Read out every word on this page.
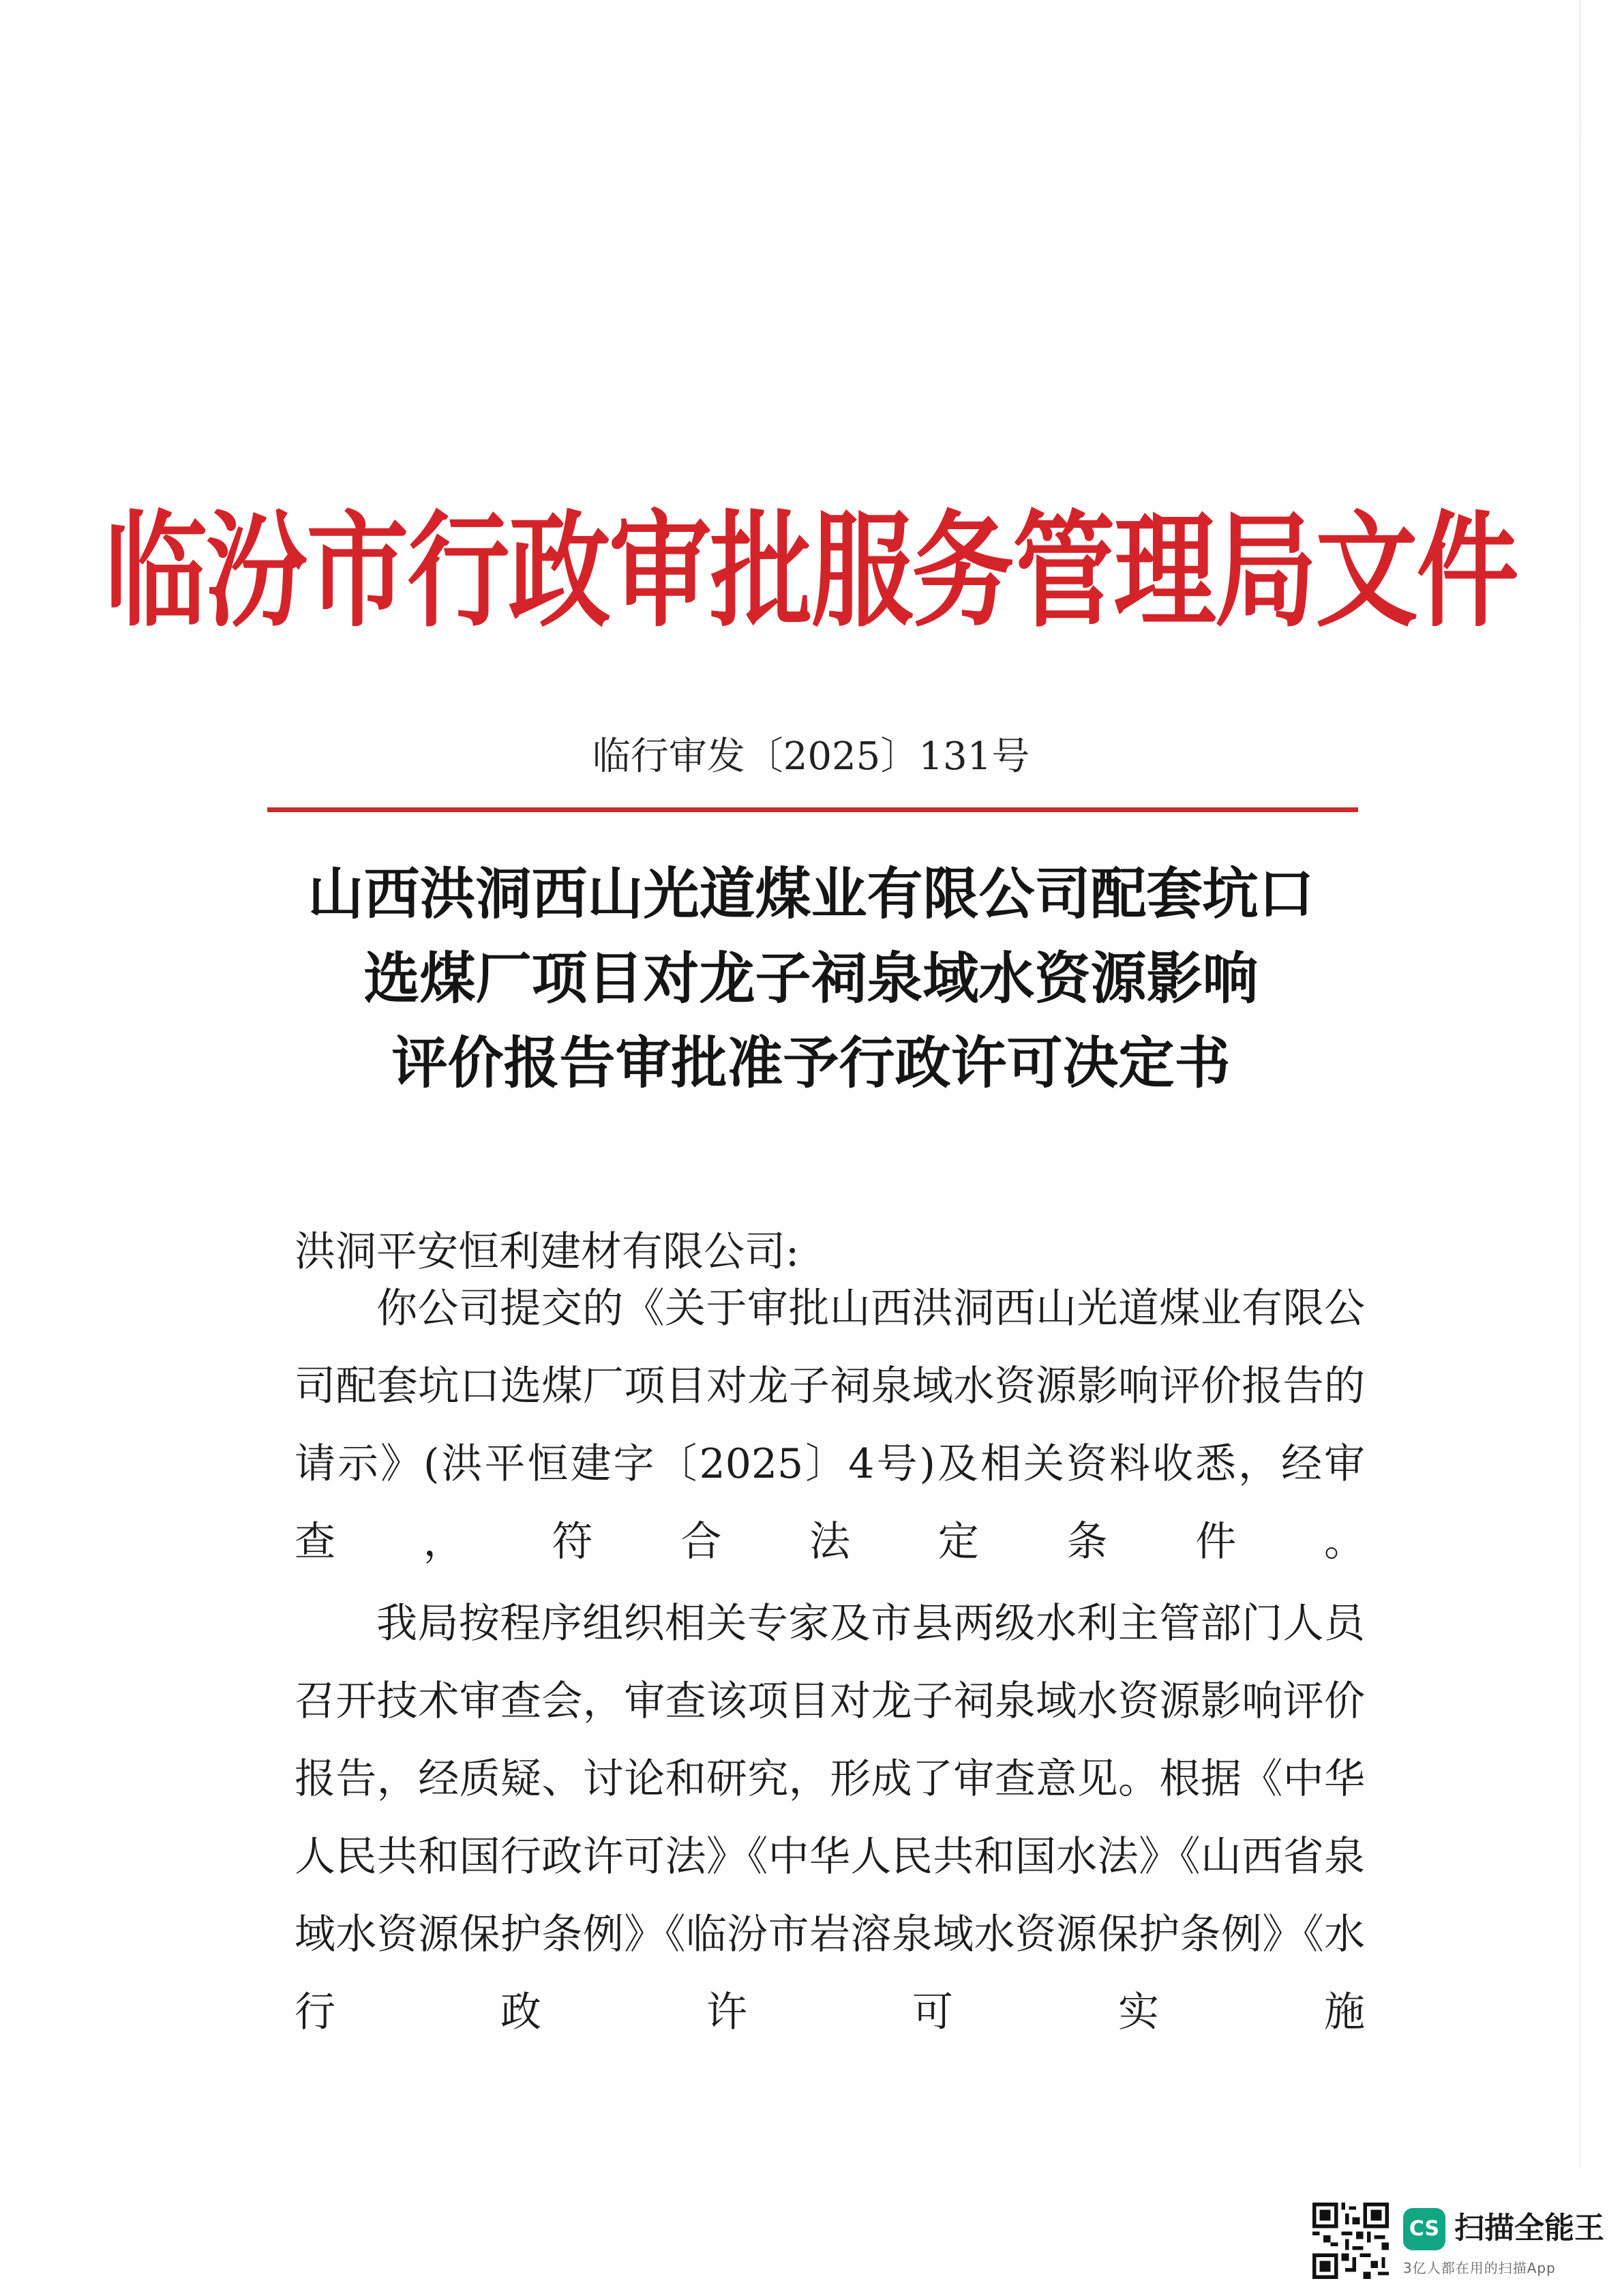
临汾市行政审批服务管理局文件
临行审发〔2025〕131号
山西洪洞西山光道煤业有限公司配套坑口
选煤厂项目对龙子祠泉域水资源影响
评价报告审批准予行政许可决定书
洪洞平安恒利建材有限公司:

你公司提交的《关于审批山西洪洞西山光道煤业有限公司配套坑口选煤厂项目对龙子祠泉域水资源影响评价报告的请示》(洪平恒建字〔2025〕4号)及相关资料收悉，经审查，符合法定条件。

我局按程序组织相关专家及市县两级水利主管部门人员召开技术审查会，审查该项目对龙子祠泉域水资源影响评价报告，经质疑、讨论和研究，形成了审查意见。根据《中华人民共和国行政许可法》《中华人民共和国水法》《山西省泉域水资源保护条例》《临汾市岩溶泉域水资源保护条例》《水行政许可实施

CS 扫描全能王
3亿人都在用的扫描App
